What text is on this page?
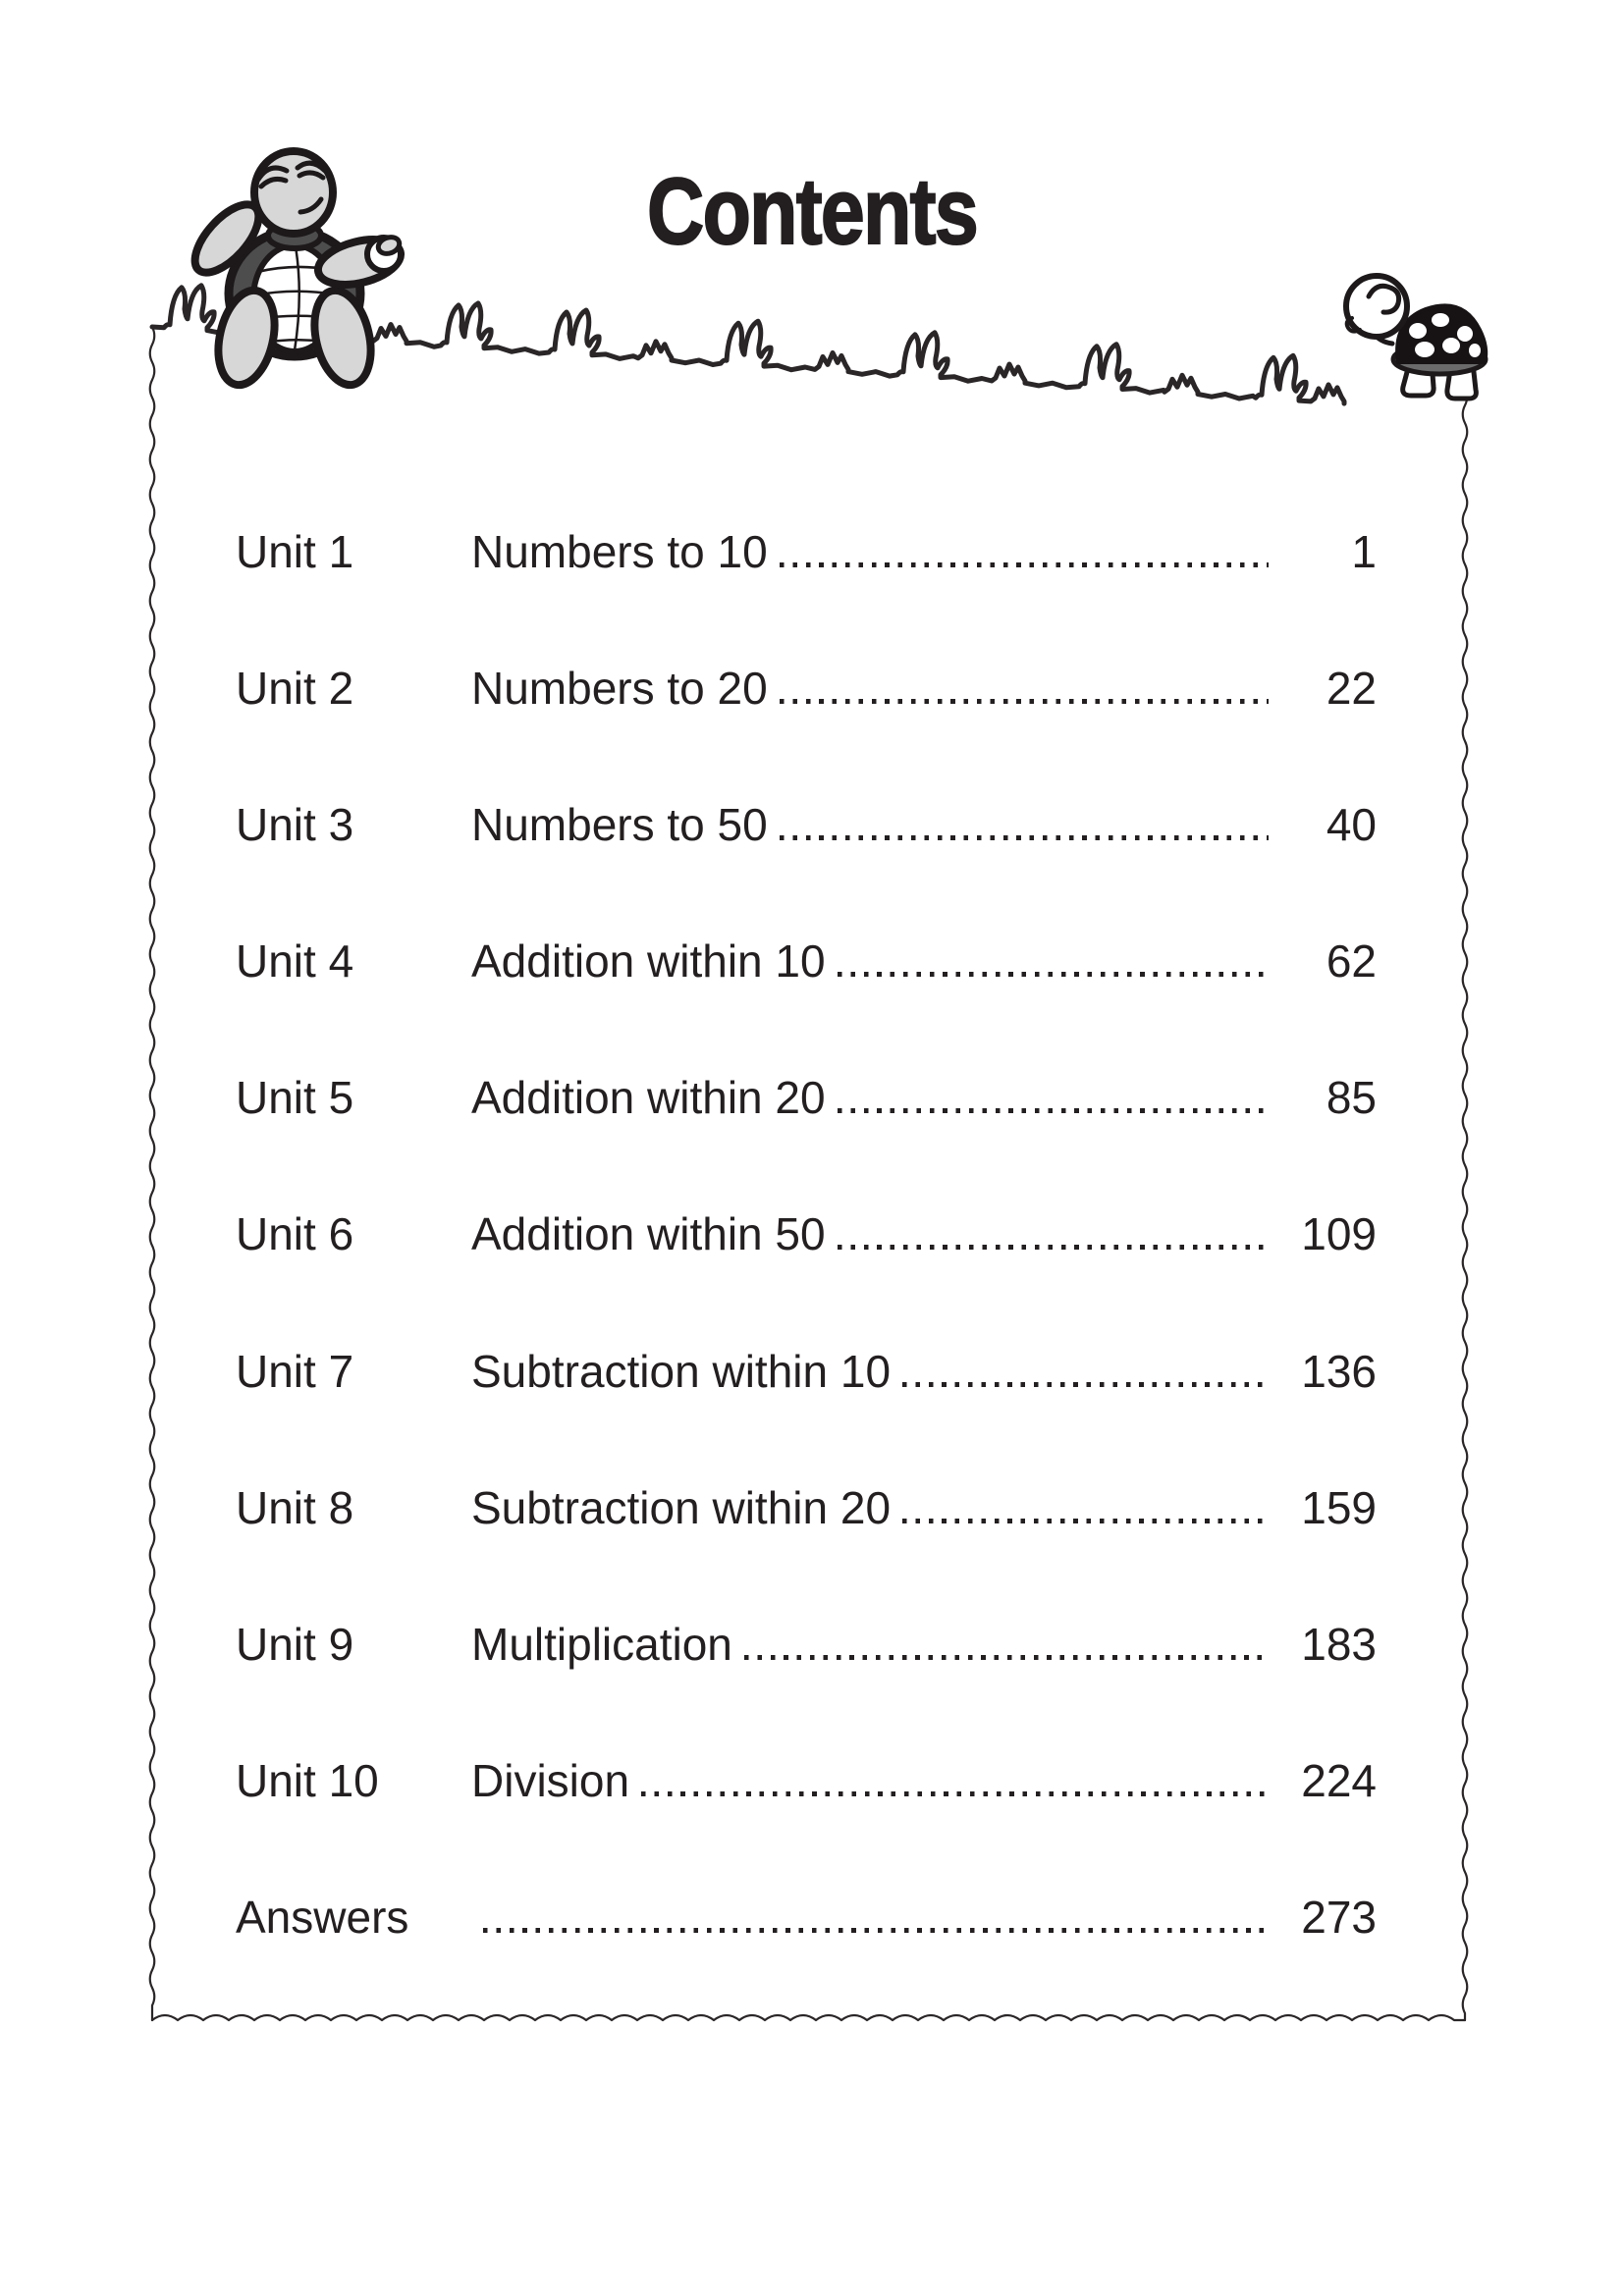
Contents
Unit 1	Numbers to 10	1
Unit 2	Numbers to 20	22
Unit 3	Numbers to 50	40
Unit 4	Addition within 10	62
Unit 5	Addition within 20	85
Unit 6	Addition within 50	109
Unit 7	Subtraction within 10	136
Unit 8	Subtraction within 20	159
Unit 9	Multiplication	183
Unit 10	Division	224
Answers	273
